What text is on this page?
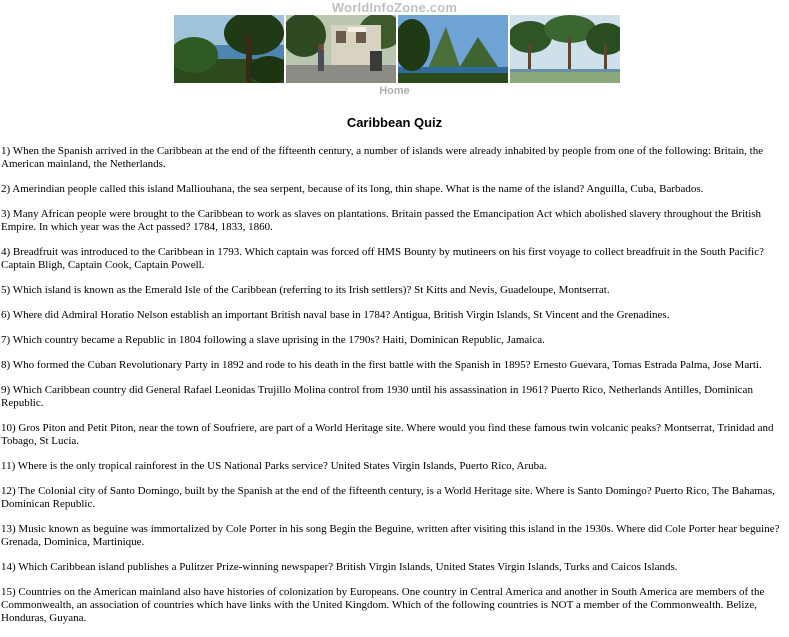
WorldInfoZone.com
Home
Caribbean Quiz

1) When the Spanish arrived in the Caribbean at the end of the fifteenth century, a number of islands were already inhabited by people from one of the following: Britain, the American mainland, the Netherlands.

2) Amerindian people called this island Malliouhana, the sea serpent, because of its long, thin shape. What is the name of the island? Anguilla, Cuba, Barbados.

3) Many African people were brought to the Caribbean to work as slaves on plantations. Britain passed the Emancipation Act which abolished slavery throughout the British Empire. In which year was the Act passed? 1784, 1833, 1860.

4) Breadfruit was introduced to the Caribbean in 1793. Which captain was forced off HMS Bounty by mutineers on his first voyage to collect breadfruit in the South Pacific? Captain Bligh, Captain Cook, Captain Powell.

5) Which island is known as the Emerald Isle of the Caribbean (referring to its Irish settlers)? St Kitts and Nevis, Guadeloupe, Montserrat.

6) Where did Admiral Horatio Nelson establish an important British naval base in 1784? Antigua, British Virgin Islands, St Vincent and the Grenadines.

7) Which country became a Republic in 1804 following a slave uprising in the 1790s? Haiti, Dominican Republic, Jamaica.

8) Who formed the Cuban Revolutionary Party in 1892 and rode to his death in the first battle with the Spanish in 1895? Ernesto Guevara, Tomas Estrada Palma, Jose Marti.

9) Which Caribbean country did General Rafael Leonidas Trujillo Molina control from 1930 until his assassination in 1961? Puerto Rico, Netherlands Antilles, Dominican Republic.

10) Gros Piton and Petit Piton, near the town of Soufriere, are part of a World Heritage site. Where would you find these famous twin volcanic peaks? Montserrat, Trinidad and Tobago, St Lucia.

11) Where is the only tropical rainforest in the US National Parks service? United States Virgin Islands, Puerto Rico, Aruba.

12) The Colonial city of Santo Domingo, built by the Spanish at the end of the fifteenth century, is a World Heritage site. Where is Santo Domingo? Puerto Rico, The Bahamas, Dominican Republic.

13) Music known as beguine was immortalized by Cole Porter in his song Begin the Beguine, written after visiting this island in the 1930s. Where did Cole Porter hear beguine? Grenada, Dominica, Martinique.

14) Which Caribbean island publishes a Pulitzer Prize-winning newspaper? British Virgin Islands, United States Virgin Islands, Turks and Caicos Islands.

15) Countries on the American mainland also have histories of colonization by Europeans. One country in Central America and another in South America are members of the Commonwealth, an association of countries which have links with the United Kingdom. Which of the following countries is NOT a member of the Commonwealth. Belize, Honduras, Guyana.
